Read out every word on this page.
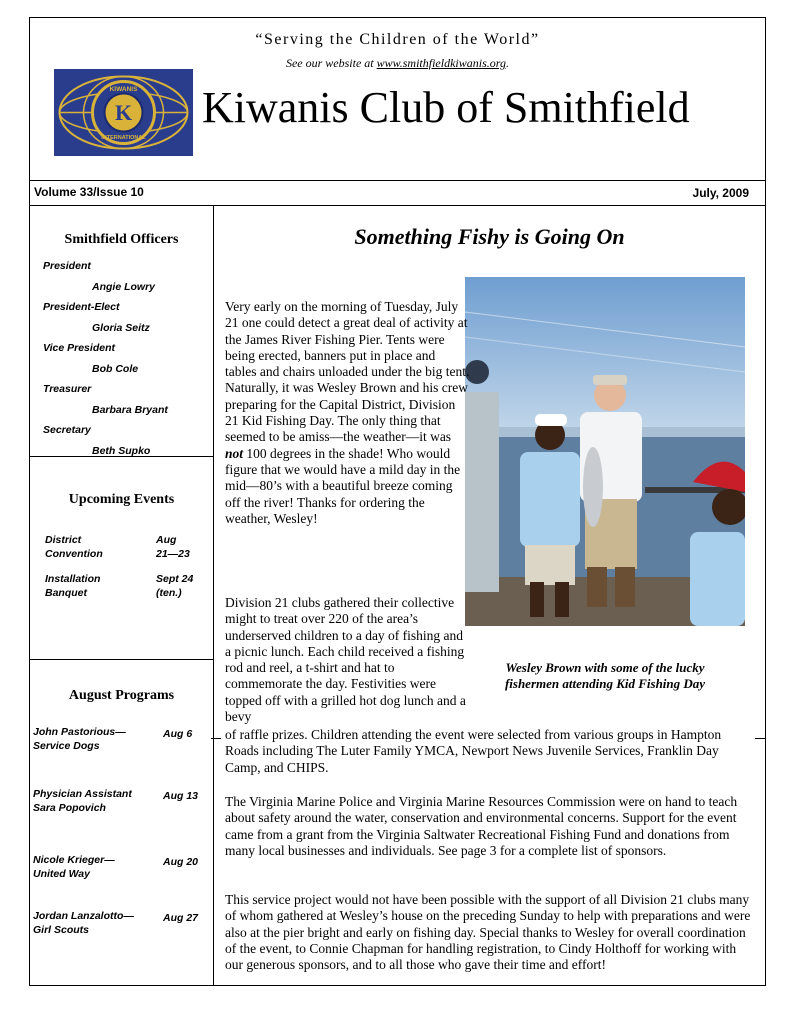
“Serving the Children of the World”
See our website at www.smithfieldkiwanis.org.
K
KIWANIS
INTERNATIONAL
Kiwanis Club of Smithfield
Volume 33/Issue 10	July, 2009
Smithfield Officers
President
Angie Lowry
President-Elect
Gloria Seitz
Vice President
Bob Cole
Treasurer
Barbara Bryant
Secretary
Beth Supko
Upcoming Events
District
Convention
Aug
21—23
Installation
Banquet
Sept 24
(ten.)
August Programs
John Pastorious—
Service Dogs
Aug 6
Physician Assistant
Sara Popovich
Aug 13
Nicole Krieger—
United Way
Aug 20
Jordan Lanzalotto—
Girl Scouts
Aug 27
Something Fishy is Going On
Wesley Brown with some of the lucky
fishermen attending Kid Fishing Day

Very early on the morning of Tuesday, July 21 one could detect a great deal of activity at the James River Fishing Pier. Tents were being erected, banners put in place and tables and chairs unloaded under the big tent. Naturally, it was Wesley Brown and his crew preparing for the Capital District, Division 21 Kid Fishing Day. The only thing that seemed to be amiss—the weather—it was not 100 degrees in the shade! Who would figure that we would have a mild day in the mid—80’s with a beautiful breeze coming off the river! Thanks for ordering the weather, Wesley!

Division 21 clubs gathered their collective might to treat over 220 of the area’s underserved children to a day of fishing and a picnic lunch. Each child received a fishing rod and reel, a t-shirt and hat to commemorate the day. Festivities were topped off with a grilled hot dog lunch and a bevy

of raffle prizes. Children attending the event were selected from various groups in Hampton Roads including The Luter Family YMCA, Newport News Juvenile Services, Franklin Day Camp, and CHIPS.

The Virginia Marine Police and Virginia Marine Resources Commission were on hand to teach about safety around the water, conservation and environmental concerns. Support for the event came from a grant from the Virginia Saltwater Recreational Fishing Fund and donations from many local businesses and individuals. See page 3 for a complete list of sponsors.

This service project would not have been possible with the support of all Division 21 clubs many of whom gathered at Wesley’s house on the preceding Sunday to help with preparations and were also at the pier bright and early on fishing day. Special thanks to Wesley for overall coordination of the event, to Connie Chapman for handling registration, to Cindy Holthoff for working with our generous sponsors, and to all those who gave their time and effort!
